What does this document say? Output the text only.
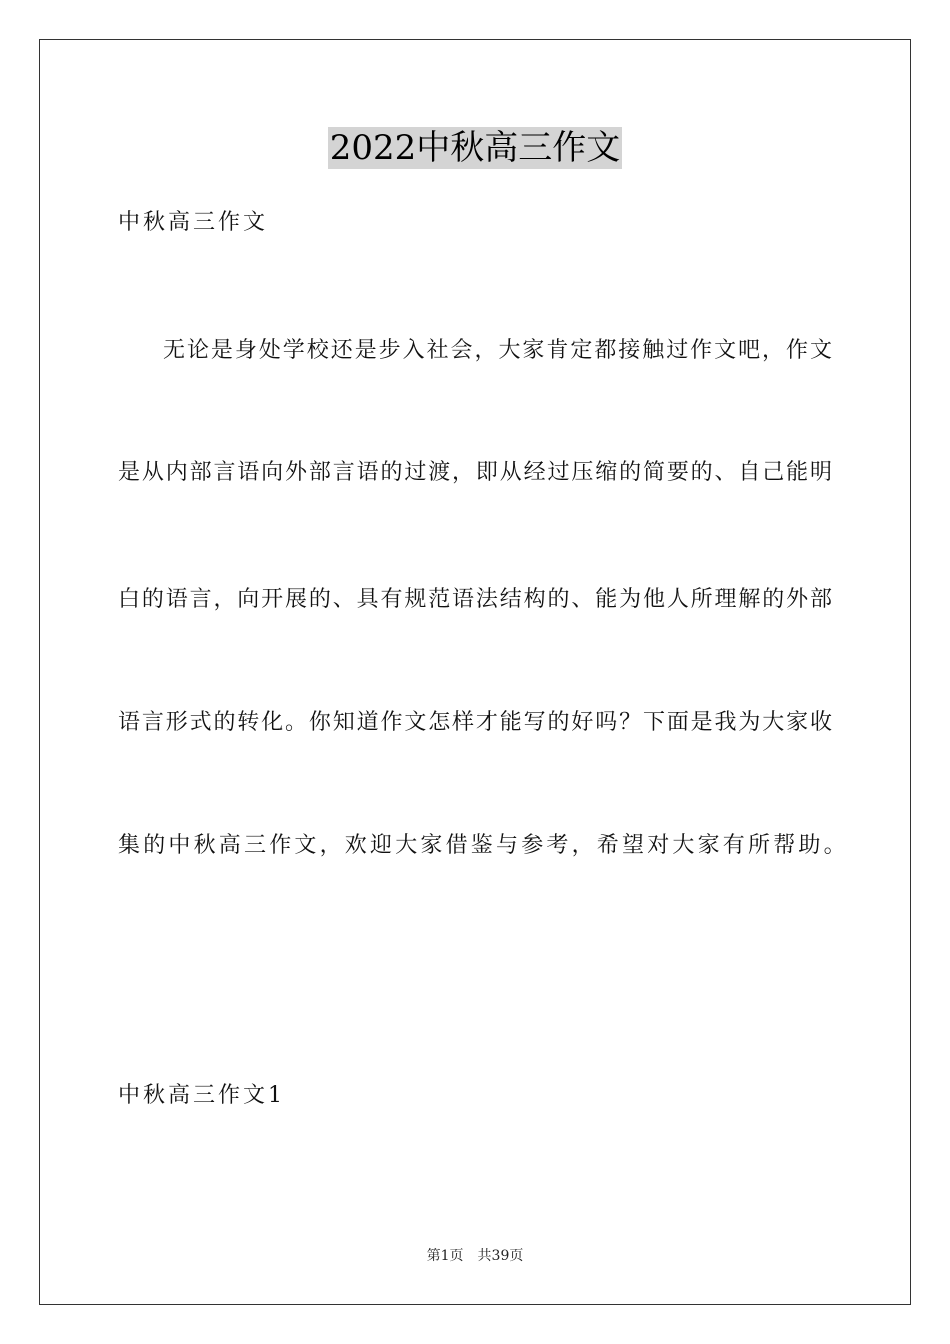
2022中秋高三作文
中秋高三作文
无论是身处学校还是步入社会，大家肯定都接触过作文吧，作文
是从内部言语向外部言语的过渡，即从经过压缩的简要的、自己能明
白的语言，向开展的、具有规范语法结构的、能为他人所理解的外部
语言形式的转化。你知道作文怎样才能写的好吗？下面是我为大家收
集的中秋高三作文，欢迎大家借鉴与参考，希望对大家有所帮助。
中秋高三作文1
第1页　共39页
